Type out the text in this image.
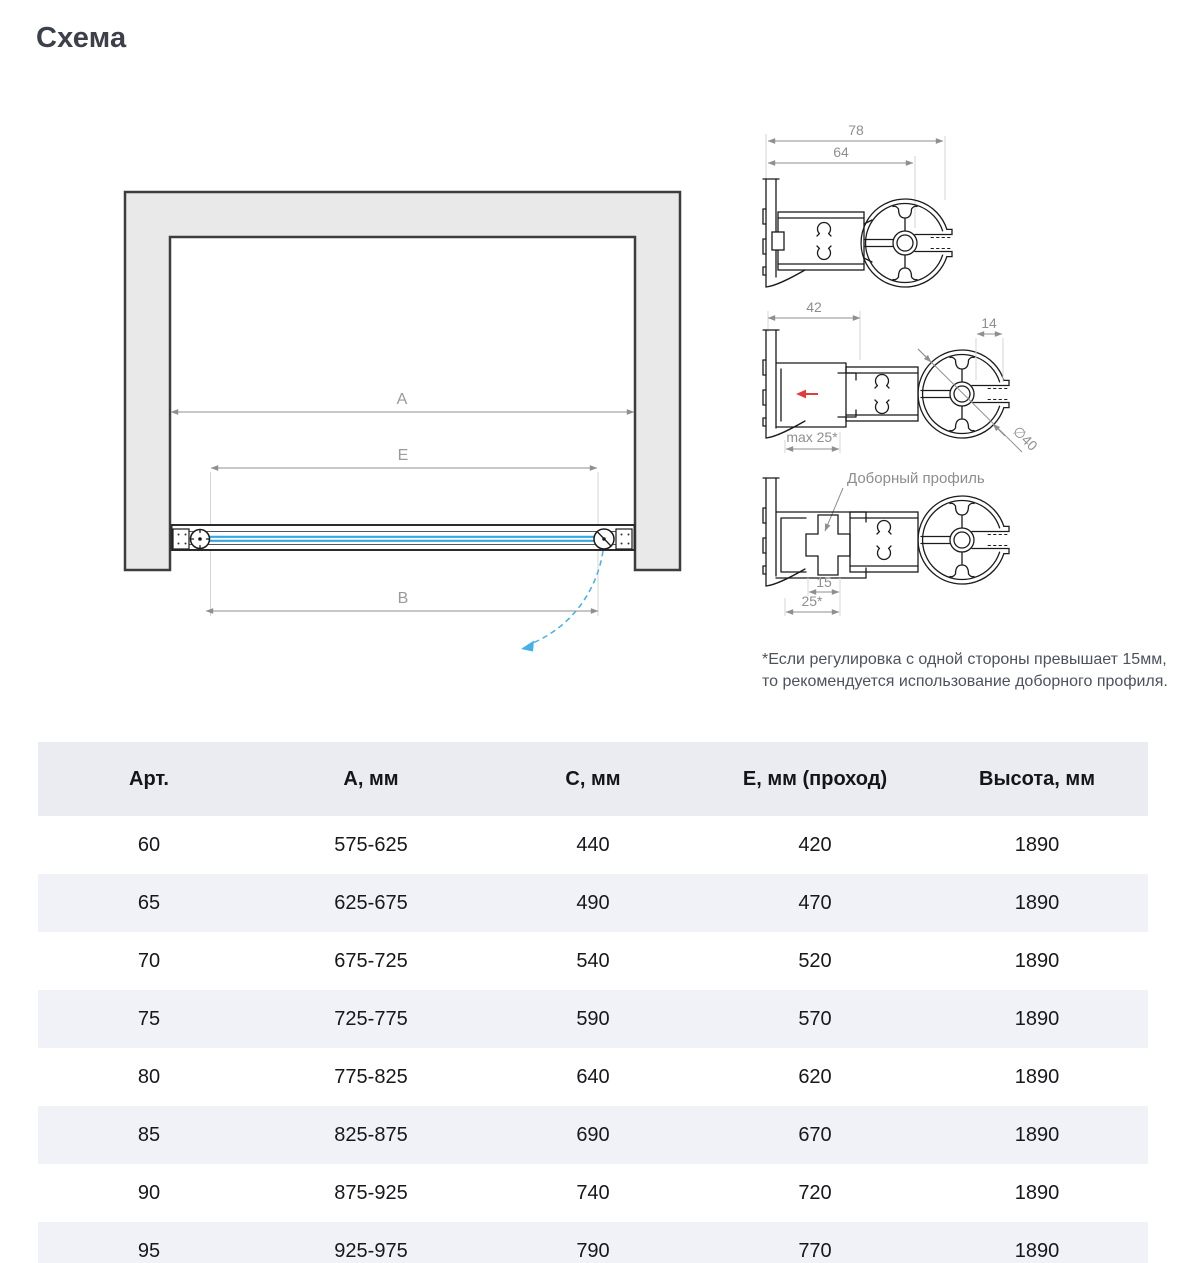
Схема
A
E
B
78
64
42
14
∅40
max 25*
Доборный профиль
15
25*
*Если регулировка с одной стороны превышает 15мм,
то рекомендуется использование доборного профиля.
Арт.	А, мм	С, мм	Е, мм (проход)	Высота, мм
60	575-625	440	420	1890
65	625-675	490	470	1890
70	675-725	540	520	1890
75	725-775	590	570	1890
80	775-825	640	620	1890
85	825-875	690	670	1890
90	875-925	740	720	1890
95	925-975	790	770	1890
